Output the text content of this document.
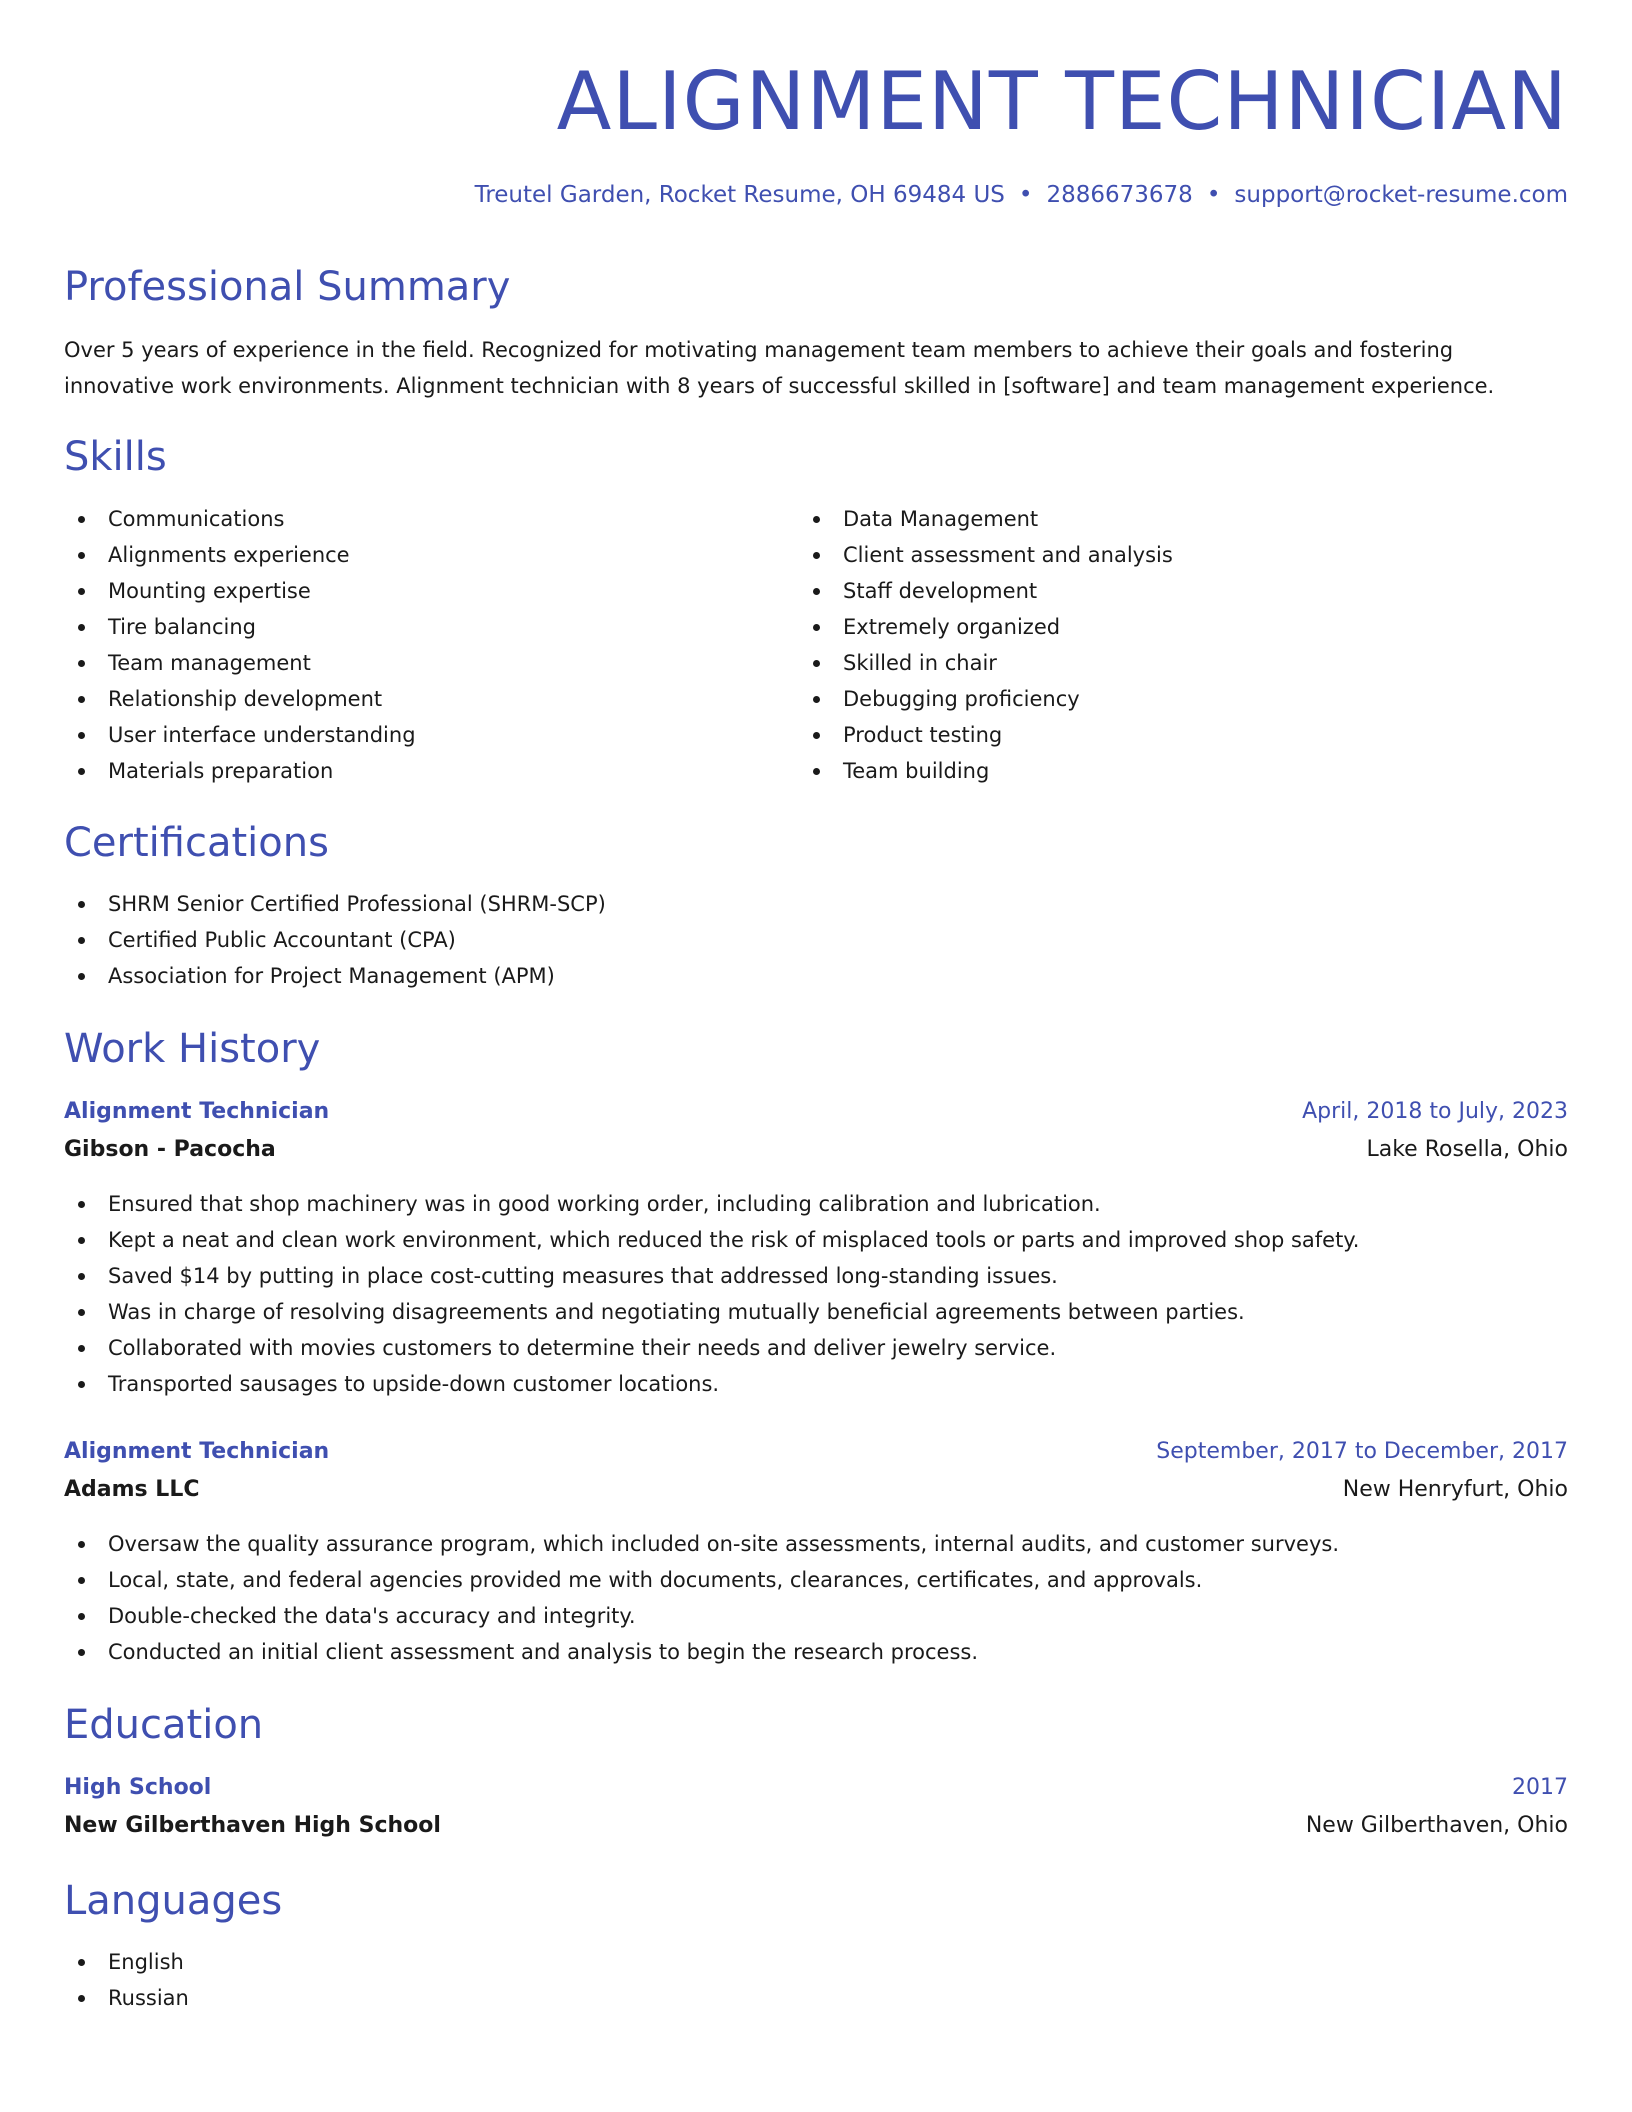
ALIGNMENT TECHNICIAN
Treutel Garden, Rocket Resume, OH 69484 US • 2886673678 • support@rocket-resume.com
Professional Summary

Over 5 years of experience in the field. Recognized for motivating management team members to achieve their goals and fostering innovative work environments. Alignment technician with 8 years of successful skilled in [software] and team management experience.

Skills
Communications
Alignments experience
Mounting expertise
Tire balancing
Team management
Relationship development
User interface understanding
Materials preparation
Data Management
Client assessment and analysis
Staff development
Extremely organized
Skilled in chair
Debugging proficiency
Product testing
Team building
Certifications
SHRM Senior Certified Professional (SHRM-SCP)
Certified Public Accountant (CPA)
Association for Project Management (APM)
Work History
Alignment Technician	April, 2018 to July, 2023
Gibson - Pacocha	Lake Rosella, Ohio
Ensured that shop machinery was in good working order, including calibration and lubrication.
Kept a neat and clean work environment, which reduced the risk of misplaced tools or parts and improved shop safety.
Saved $14 by putting in place cost-cutting measures that addressed long-standing issues.
Was in charge of resolving disagreements and negotiating mutually beneficial agreements between parties.
Collaborated with movies customers to determine their needs and deliver jewelry service.
Transported sausages to upside-down customer locations.
Alignment Technician	September, 2017 to December, 2017
Adams LLC	New Henryfurt, Ohio
Oversaw the quality assurance program, which included on-site assessments, internal audits, and customer surveys.
Local, state, and federal agencies provided me with documents, clearances, certificates, and approvals.
Double-checked the data's accuracy and integrity.
Conducted an initial client assessment and analysis to begin the research process.
Education
High School	2017
New Gilberthaven High School	New Gilberthaven, Ohio
Languages
English
Russian
